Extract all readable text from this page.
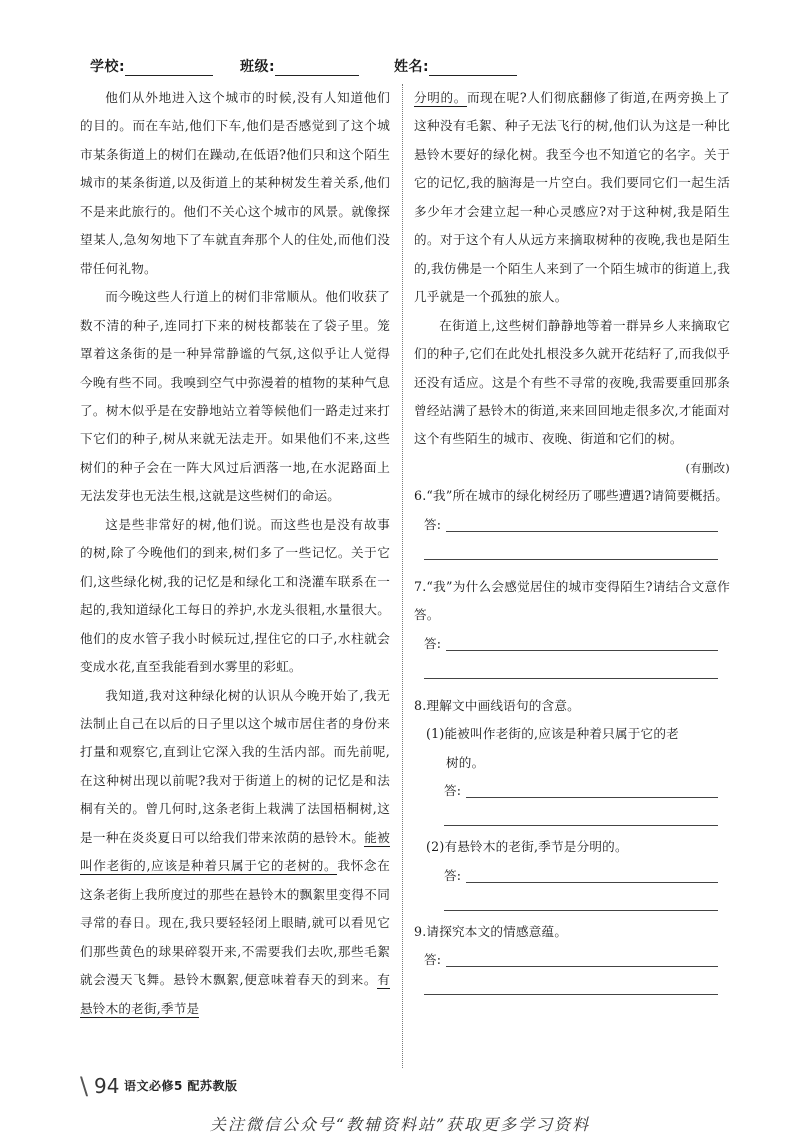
学校:	班级:	姓名:

他们从外地进入这个城市的时候,没有人知道他们的目的。而在车站,他们下车,他们是否感觉到了这个城市某条街道上的树们在躁动,在低语?他们只和这个陌生城市的某条街道,以及街道上的某种树发生着关系,他们不是来此旅行的。他们不关心这个城市的风景。就像探望某人,急匆匆地下了车就直奔那个人的住处,而他们没带任何礼物。

而今晚这些人行道上的树们非常顺从。他们收获了数不清的种子,连同打下来的树枝都装在了袋子里。笼罩着这条街的是一种异常静谧的气氛,这似乎让人觉得今晚有些不同。我嗅到空气中弥漫着的植物的某种气息了。树木似乎是在安静地站立着等候他们一路走过来打下它们的种子,树从来就无法走开。如果他们不来,这些树们的种子会在一阵大风过后洒落一地,在水泥路面上无法发芽也无法生根,这就是这些树们的命运。

这是些非常好的树,他们说。而这些也是没有故事的树,除了今晚他们的到来,树们多了一些记忆。关于它们,这些绿化树,我的记忆是和绿化工和浇灌车联系在一起的,我知道绿化工每日的养护,水龙头很粗,水量很大。他们的皮水管子我小时候玩过,捏住它的口子,水柱就会变成水花,直至我能看到水雾里的彩虹。

我知道,我对这种绿化树的认识从今晚开始了,我无法制止自己在以后的日子里以这个城市居住者的身份来打量和观察它,直到让它深入我的生活内部。而先前呢,在这种树出现以前呢?我对于街道上的树的记忆是和法桐有关的。曾几何时,这条老街上栽满了法国梧桐树,这是一种在炎炎夏日可以给我们带来浓荫的悬铃木。能被叫作老街的,应该是种着只属于它的老树的。我怀念在这条老街上我所度过的那些在悬铃木的飘絮里变得不同寻常的春日。现在,我只要轻轻闭上眼睛,就可以看见它们那些黄色的球果碎裂开来,不需要我们去吹,那些毛絮就会漫天飞舞。悬铃木飘絮,便意味着春天的到来。有悬铃木的老街,季节是

分明的。而现在呢?人们彻底翻修了街道,在两旁换上了这种没有毛絮、种子无法飞行的树,他们认为这是一种比悬铃木要好的绿化树。我至今也不知道它的名字。关于它的记忆,我的脑海是一片空白。我们要同它们一起生活多少年才会建立起一种心灵感应?对于这种树,我是陌生的。对于这个有人从远方来摘取树种的夜晚,我也是陌生的,我仿佛是一个陌生人来到了一个陌生城市的街道上,我几乎就是一个孤独的旅人。

在街道上,这些树们静静地等着一群异乡人来摘取它们的种子,它们在此处扎根没多久就开花结籽了,而我似乎还没有适应。这是个有些不寻常的夜晚,我需要重回那条曾经站满了悬铃木的街道,来来回回地走很多次,才能面对这个有些陌生的城市、夜晚、街道和它们的树。

(有删改)

6.“我”所在城市的绿化树经历了哪些遭遇?请简要概括。

答:

7.“我”为什么会感觉居住的城市变得陌生?请结合文意作答。

答:

8.理解文中画线语句的含意。

(1)能被叫作老街的,应该是种着只属于它的老
树的。
答:
(2)有悬铃木的老街,季节是分明的。
答:

9.请探究本文的情感意蕴。

答:
\ 94 语文必修5 配苏教版
关注微信公众号“教辅资料站”获取更多学习资料
